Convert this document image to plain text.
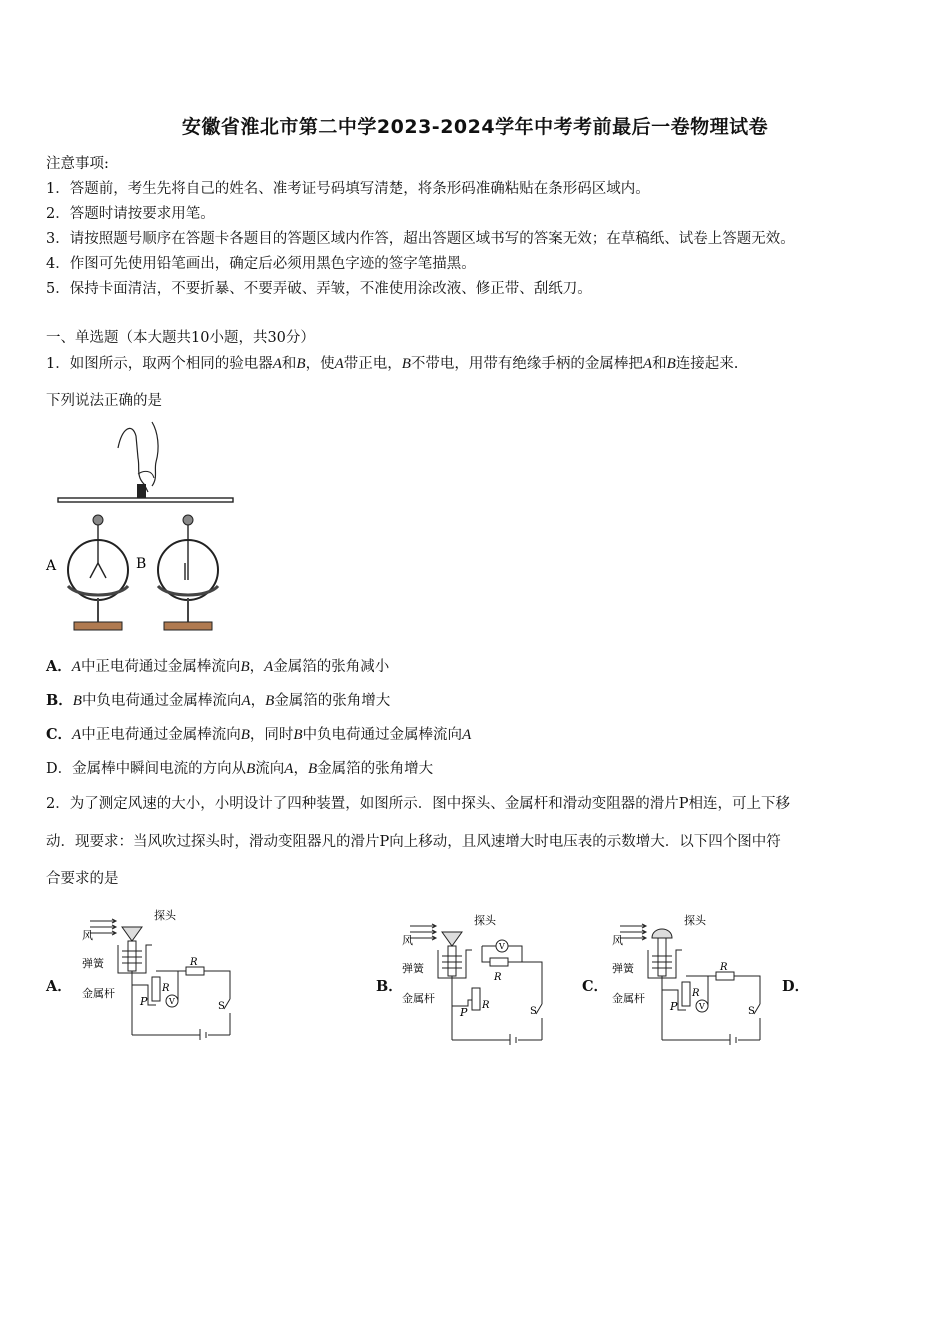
安徽省淮北市第二中学2023-2024学年中考考前最后一卷物理试卷
注意事项:
1．答题前，考生先将自己的姓名、准考证号码填写清楚，将条形码准确粘贴在条形码区域内。
2．答题时请按要求用笔。
3．请按照题号顺序在答题卡各题目的答题区域内作答，超出答题区域书写的答案无效；在草稿纸、试卷上答题无效。
4．作图可先使用铅笔画出，确定后必须用黑色字迹的签字笔描黑。
5．保持卡面清洁，不要折暴、不要弄破、弄皱，不准使用涂改液、修正带、刮纸刀。
一、单选题（本大题共10小题，共30分）
1．如图所示，取两个相同的验电器A和B，使A带正电，B不带电，用带有绝缘手柄的金属棒把A和B连接起来.
下列说法正确的是
A	B
A．A中正电荷通过金属棒流向B，A金属箔的张角减小
B．B中负电荷通过金属棒流向A，B金属箔的张角增大
C．A中正电荷通过金属棒流向B，同时B中负电荷通过金属棒流向A
D．金属棒中瞬间电流的方向从B流向A，B金属箔的张角增大
2．为了测定风速的大小，小明设计了四种装置，如图所示．图中探头、金属杆和滑动变阻器的滑片P相连，可上下移
动．现要求：当风吹过探头时，滑动变阻器凡的滑片P向上移动，且风速增大时电压表的示数增大．以下四个图中符
合要求的是
A．	B．	C．	D．
风
探头
弹簧
金属杆
P
R
V
R
S
风
探头
弹簧
金属杆
P
R
V
R
S
风
探头
弹簧
金属杆
P
R
V
R
S
